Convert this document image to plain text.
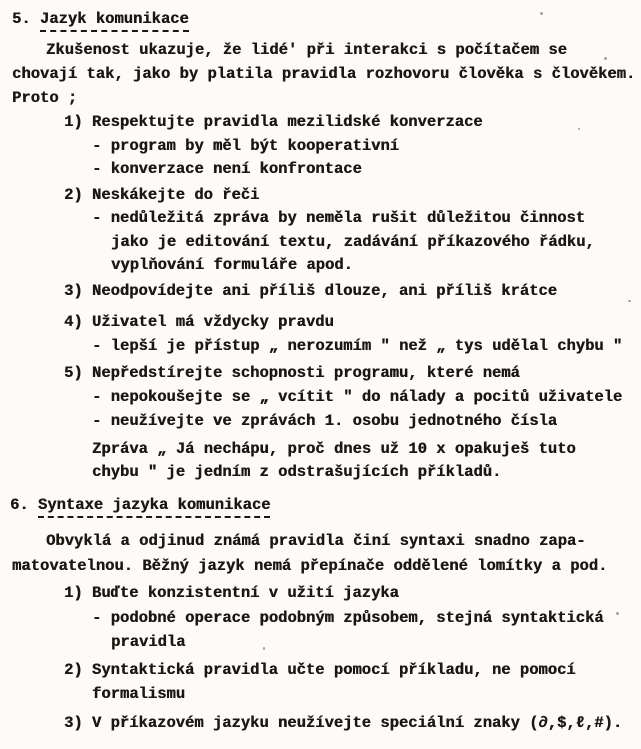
5. Jazyk komunikace
Zkušenost ukazuje, že lidé' při interakci s počítačem se
chovají tak, jako by platila pravidla rozhovoru člověka s člověkem.
Proto ;
1) Respektujte pravidla mezilidské konverzace
- program by měl být kooperativní
- konverzace není konfrontace
2) Neskákejte do řeči
- nedůležitá zpráva by neměla rušit důležitou činnost
jako je editování textu, zadávání příkazového řádku,
vyplňování formuláře apod.
3) Neodpovídejte ani příliš dlouze, ani příliš krátce
4) Uživatel má vždycky pravdu
- lepší je přístup „ nerozumím " než „ tys udělal chybu "
5) Nepředstírejte schopnosti programu, které nemá
- nepokoušejte se „ vcítit " do nálady a pocitů uživatele
- neužívejte ve zprávách 1. osobu jednotného čísla
Zpráva „ Já nechápu, proč dnes už 10 x opakuješ tuto
chybu " je jedním z odstrašujících příkladů.
6. Syntaxe jazyka komunikace
Obvyklá a odjinud známá pravidla činí syntaxi snadno zapa-
matovatelnou. Běžný jazyk nemá přepínače oddělené lomítky a pod.
1) Buďte konzistentní v užití jazyka
- podobné operace podobným způsobem, stejná syntaktická
pravidla
2) Syntaktická pravidla učte pomocí příkladu, ne pomocí
formalismu
3) V příkazovém jazyku neužívejte speciální znaky (∂,$,ℓ,#).
